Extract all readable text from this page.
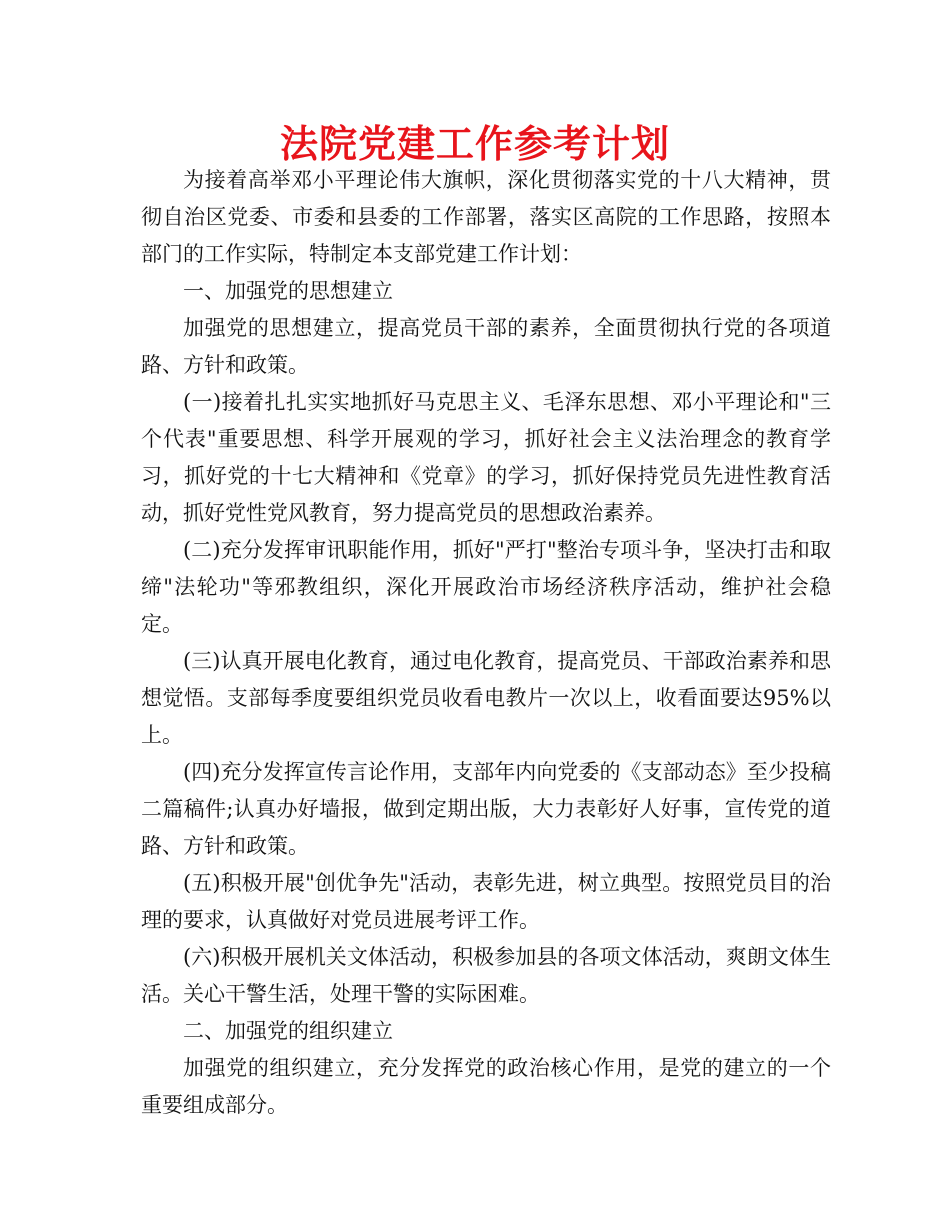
法院党建工作参考计划

为接着高举邓小平理论伟大旗帜，深化贯彻落实党的十八大精神，贯彻自治区党委、市委和县委的工作部署，落实区高院的工作思路，按照本部门的工作实际，特制定本支部党建工作计划：

一、加强党的思想建立

加强党的思想建立，提高党员干部的素养，全面贯彻执行党的各项道路、方针和政策。

(一)接着扎扎实实地抓好马克思主义、毛泽东思想、邓小平理论和"三个代表"重要思想、科学开展观的学习，抓好社会主义法治理念的教育学习，抓好党的十七大精神和《党章》的学习，抓好保持党员先进性教育活动，抓好党性党风教育，努力提高党员的思想政治素养。

(二)充分发挥审讯职能作用，抓好"严打"整治专项斗争，坚决打击和取缔"法轮功"等邪教组织，深化开展政治市场经济秩序活动，维护社会稳定。

(三)认真开展电化教育，通过电化教育，提高党员、干部政治素养和思想觉悟。支部每季度要组织党员收看电教片一次以上，收看面要达95%以上。

(四)充分发挥宣传言论作用，支部年内向党委的《支部动态》至少投稿二篇稿件;认真办好墙报，做到定期出版，大力表彰好人好事，宣传党的道路、方针和政策。

(五)积极开展"创优争先"活动，表彰先进，树立典型。按照党员目的治理的要求，认真做好对党员进展考评工作。

(六)积极开展机关文体活动，积极参加县的各项文体活动，爽朗文体生活。关心干警生活，处理干警的实际困难。

二、加强党的组织建立

加强党的组织建立，充分发挥党的政治核心作用，是党的建立的一个重要组成部分。
